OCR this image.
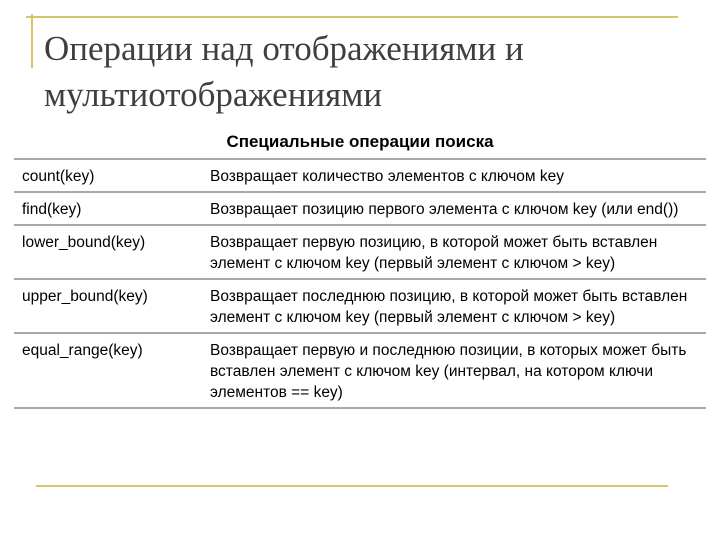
Операции над отображениями и мультиотображениями
Специальные операции поиска
count(key)	Возвращает количество элементов с ключом key
find(key)	Возвращает позицию первого элемента с ключом key (или end())
lower_bound(key)	Возвращает первую позицию, в которой может быть вставлен элемент с ключом key (первый элемент с ключом > key)
upper_bound(key)	Возвращает последнюю позицию, в которой может быть вставлен элемент с ключом key (первый элемент с ключом > key)
equal_range(key)	Возвращает первую и последнюю позиции, в которых может быть вставлен элемент с ключом key (интервал, на котором ключи элементов == key)
